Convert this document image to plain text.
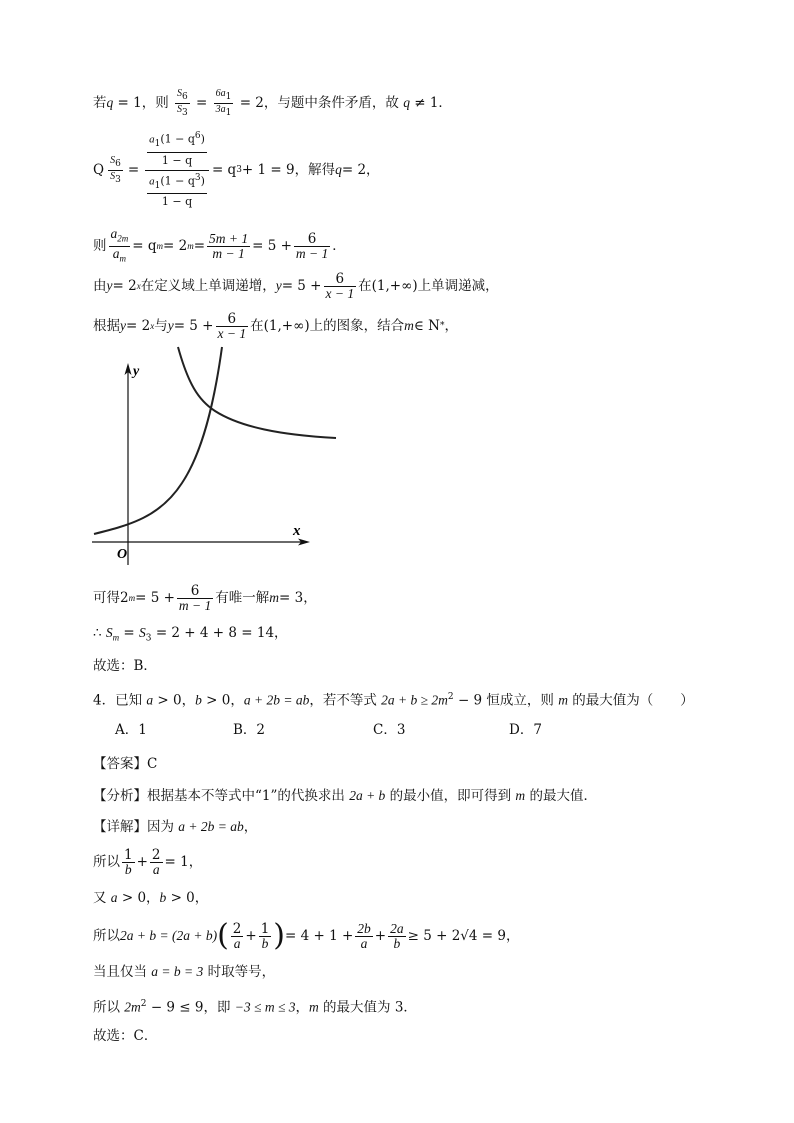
若q = 1，则 $\frac{S_6}{S_3} = \frac{6a_1}{3a_1} = 2$，与题中条件矛盾，故 q ≠ 1．
Q $\frac{S_6}{S_3} = \frac{\frac{a_1(1 - q^6)}{1 - q}}{\frac{a_1(1 - q^3)}{1 - q}} = q$ 3 + 1 = 9，解得 q = 2，
则 $\frac{a_{2m}}{a_m} = q$ m = 2 $m = \frac{5m + 1}{m - 1} = 5 + \frac{6}{m - 1}$ ．
由 y = 2 x 在定义域上单调递增， $y = 5 + \frac{6}{x - 1}$ 在 (1,+∞) 上单调递减，
根据 y = 2 x 与 $y = 5 + \frac{6}{x - 1}$ 在 (1,+∞) 上的图象，结合 m ∈ N * ，
y
x
O
可得 2 $m = 5 + \frac{6}{m - 1}$ 有唯一解 m = 3，
∴ $S_m = S_3 = 2 + 4 + 8 = 14$，
故选：B．
4．已知 a > 0，b > 0，a + 2b = ab，若不等式 $2a + b \ge 2m^2 - 9$ 恒成立，则 m 的最大值为（　　）
A．1	B．2	C．3	D．7
【答案】C
【分析】根据基本不等式中“1”的代换求出 2a + b 的最小值，即可得到 m 的最大值．
【详解】因为 a + 2b = ab，
所以 $\frac{1}{b} + \frac{2}{a} = 1$，
又 a > 0，b > 0，
所以 2a + b = (2a + b) ( $\frac{2}{a} + \frac{1}{b}$ ) = $4 + 1 + \frac{2b}{a} + \frac{2a}{b} \ge 5 + 2√4 = 9$，
当且仅当 a = b = 3 时取等号，
所以 $2m^2 - 9 \le 9$，即 −3 ≤ m ≤ 3，m 的最大值为 3．
故选：C．
